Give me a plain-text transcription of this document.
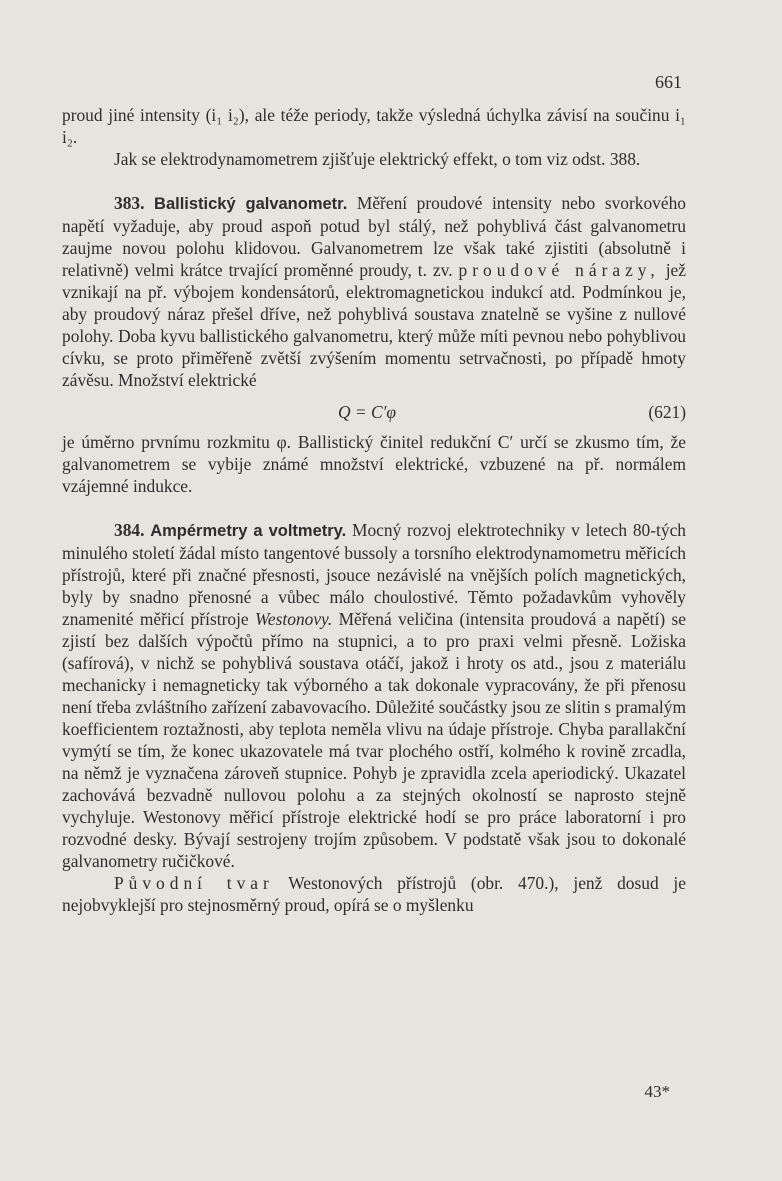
661

proud jiné intensity (i₁ i₂), ale téže periody, takže výsledná úchylka závisí na součinu i₁ i₂.

Jak se elektrodynamometrem zjišťuje elektrický effekt, o tom viz odst. 388.

383. Ballistický galvanometr. Měření proudové intensity nebo svorkového napětí vyžaduje, aby proud aspoň potud byl stálý, než pohyblivá část galvanometru zaujme novou polohu klidovou. Galvanometrem lze však také zjistiti (absolutně i relativně) velmi krátce trvající proměnné proudy, t. zv. proudové nárazy, jež vznikají na př. výbojem kondensátorů, elektromagnetickou indukcí atd. Podmínkou je, aby proudový náraz přešel dříve, než pohyblivá soustava znatelně se vyšine z nullové polohy. Doba kyvu ballistického galvanometru, který může míti pevnou nebo pohyblivou cívku, se proto přiměřeně zvětší zvýšením momentu setrvačnosti, po případě hmoty závěsu. Množství elektrické

Q = C′φ	(621)

je úměrno prvnímu rozkmitu φ. Ballistický činitel redukční C′ určí se zkusmo tím, že galvanometrem se vybije známé množství elektrické, vzbuzené na př. normálem vzájemné indukce.

384. Ampérmetry a voltmetry. Mocný rozvoj elektrotechniky v letech 80-tých minulého století žádal místo tangentové bussoly a torsního elektrodynamometru měřicích přístrojů, které při značné přesnosti, jsouce nezávislé na vnějších polích magnetických, byly by snadno přenosné a vůbec málo choulostivé. Těmto požadavkům vyhověly znamenité měřicí přístroje Westonovy. Měřená veličina (intensita proudová a napětí) se zjistí bez dalších výpočtů přímo na stupnici, a to pro praxi velmi přesně. Ložiska (safírová), v nichž se pohyblivá soustava otáčí, jakož i hroty os atd., jsou z materiálu mechanicky i nemagneticky tak výborného a tak dokonale vypracovány, že při přenosu není třeba zvláštního zařízení zabavovacího. Důležité součástky jsou ze slitin s pramalým koefficientem roztažnosti, aby teplota neměla vlivu na údaje přístroje. Chyba parallakční vymýtí se tím, že konec ukazovatele má tvar plochého ostří, kolmého k rovině zrcadla, na němž je vyznačena zároveň stupnice. Pohyb je zpravidla zcela aperiodický. Ukazatel zachovává bezvadně nullovou polohu a za stejných okolností se naprosto stejně vychyluje. Westonovy měřicí přístroje elektrické hodí se pro práce laboratorní i pro rozvodné desky. Bývají sestrojeny trojím způsobem. V podstatě však jsou to dokonalé galvanometry ručičkové.

Původní tvar Westonových přístrojů (obr. 470.), jenž dosud je nejobvyklejší pro stejnosměrný proud, opírá se o myšlenku

43*
